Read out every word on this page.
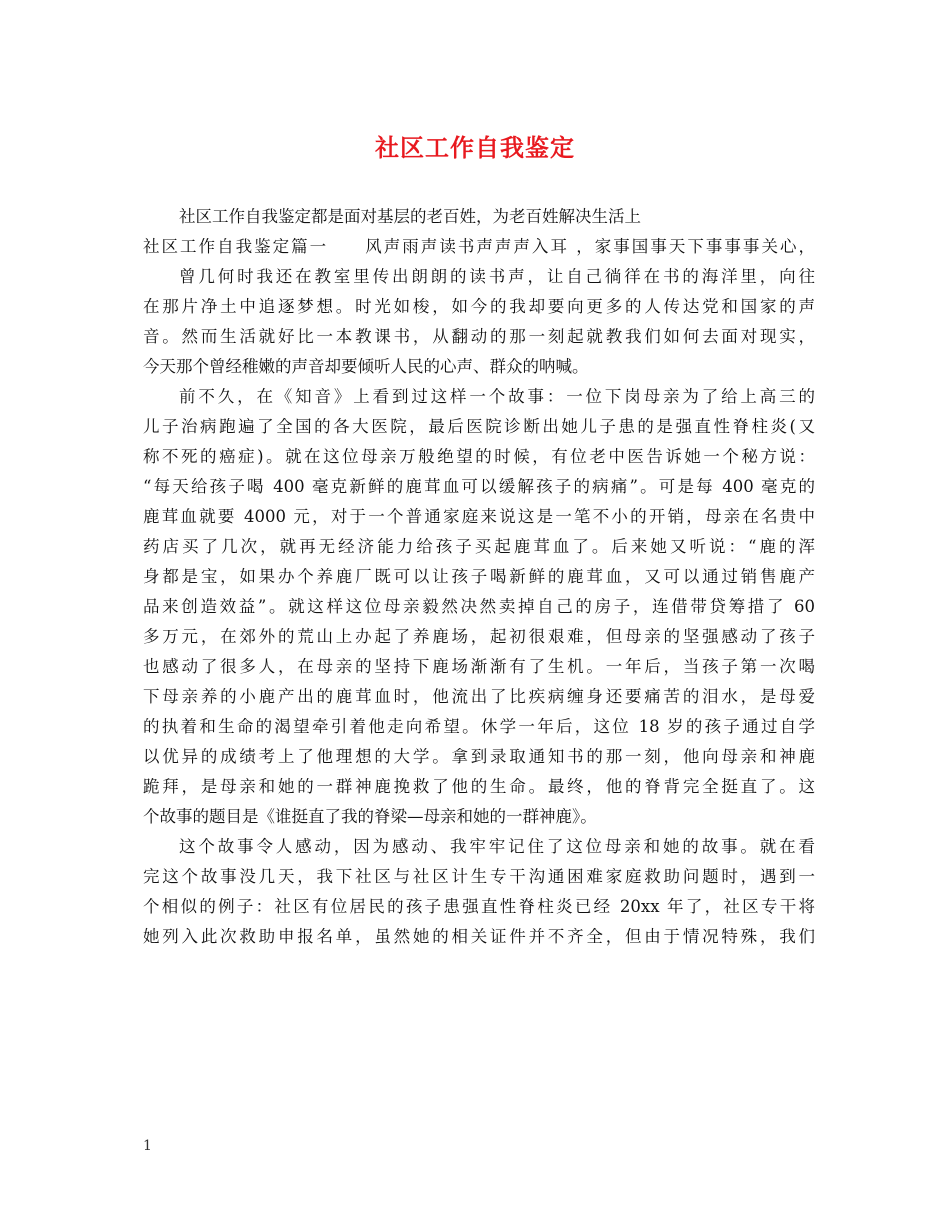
社区工作自我鉴定
社区工作自我鉴定都是面对基层的老百姓，为老百姓解决生活上
社区工作自我鉴定篇一　　风声雨声读书声声声入耳 ，家事国事天下事事事关心，
曾几何时我还在教室里传出朗朗的读书声，让自己徜徉在书的海洋里，向往
在那片净土中追逐梦想。时光如梭，如今的我却要向更多的人传达党和国家的声
音。然而生活就好比一本教课书，从翻动的那一刻起就教我们如何去面对现实，
今天那个曾经稚嫩的声音却要倾听人民的心声、群众的呐喊。
前不久，在《知音》上看到过这样一个故事：一位下岗母亲为了给上高三的
儿子治病跑遍了全国的各大医院，最后医院诊断出她儿子患的是强直性脊柱炎(又
称不死的癌症)。就在这位母亲万般绝望的时候，有位老中医告诉她一个秘方说：
“每天给孩子喝 400 毫克新鲜的鹿茸血可以缓解孩子的病痛”。可是每 400 毫克的
鹿茸血就要 4000 元，对于一个普通家庭来说这是一笔不小的开销，母亲在名贵中
药店买了几次，就再无经济能力给孩子买起鹿茸血了。后来她又听说：“鹿的浑
身都是宝，如果办个养鹿厂既可以让孩子喝新鲜的鹿茸血，又可以通过销售鹿产
品来创造效益”。就这样这位母亲毅然决然卖掉自己的房子，连借带贷筹措了 60
多万元，在郊外的荒山上办起了养鹿场，起初很艰难，但母亲的坚强感动了孩子
也感动了很多人，在母亲的坚持下鹿场渐渐有了生机。一年后，当孩子第一次喝
下母亲养的小鹿产出的鹿茸血时，他流出了比疾病缠身还要痛苦的泪水，是母爱
的执着和生命的渴望牵引着他走向希望。休学一年后，这位 18 岁的孩子通过自学
以优异的成绩考上了他理想的大学。拿到录取通知书的那一刻，他向母亲和神鹿
跪拜，是母亲和她的一群神鹿挽救了他的生命。最终，他的脊背完全挺直了。这
个故事的题目是《谁挺直了我的脊梁—母亲和她的一群神鹿》。
这个故事令人感动，因为感动、我牢牢记住了这位母亲和她的故事。就在看
完这个故事没几天，我下社区与社区计生专干沟通困难家庭救助问题时，遇到一
个相似的例子：社区有位居民的孩子患强直性脊柱炎已经 20xx 年了，社区专干将
她列入此次救助申报名单，虽然她的相关证件并不齐全，但由于情况特殊，我们
1
